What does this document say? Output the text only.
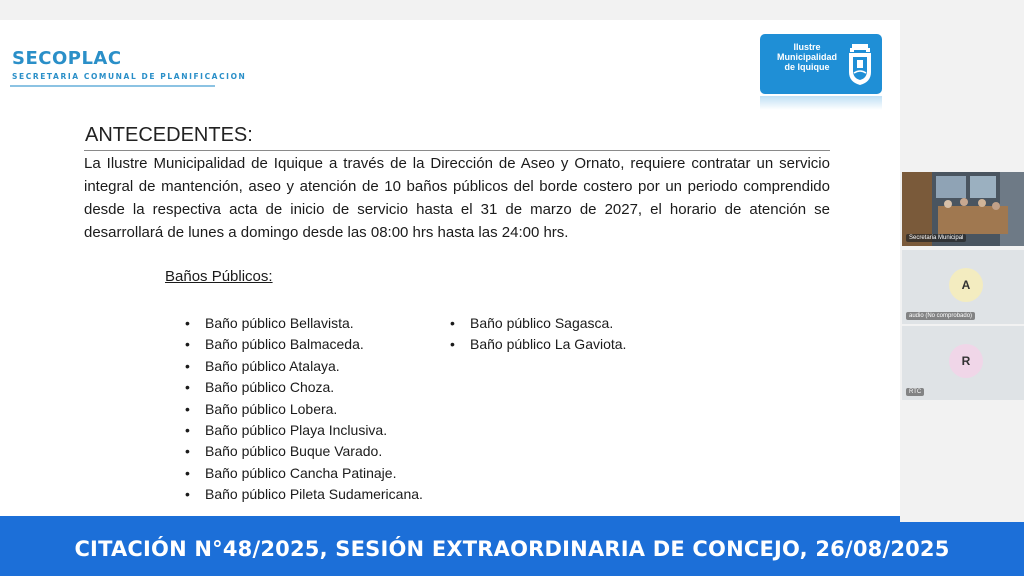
SECOPLAC
SECRETARIA COMUNAL DE PLANIFICACION
Ilustre
Municipalidad
de Iquique
ANTECEDENTES:
La Ilustre Municipalidad de Iquique a través de la Dirección de Aseo y Ornato, requiere contratar un servicio integral de mantención, aseo y atención de 10 baños públicos del borde costero por un periodo comprendido desde la respectiva acta de inicio de servicio hasta el 31 de marzo de 2027, el horario de atención se desarrollará de lunes a domingo desde las 08:00 hrs hasta las 24:00 hrs.
Baños Públicos:
• Baño público Bellavista.
• Baño público Balmaceda.
• Baño público Atalaya.
• Baño público Choza.
• Baño público Lobera.
• Baño público Playa Inclusiva.
• Baño público Buque Varado.
• Baño público Cancha Patinaje.
• Baño público Pileta Sudamericana.
• Baño público Sagasca.
• Baño público La Gaviota.
Secretaria Municipal
A
audio (No comprobado)
R
RTC
CITACIÓN N°48/2025, SESIÓN EXTRAORDINARIA DE CONCEJO, 26/08/2025
